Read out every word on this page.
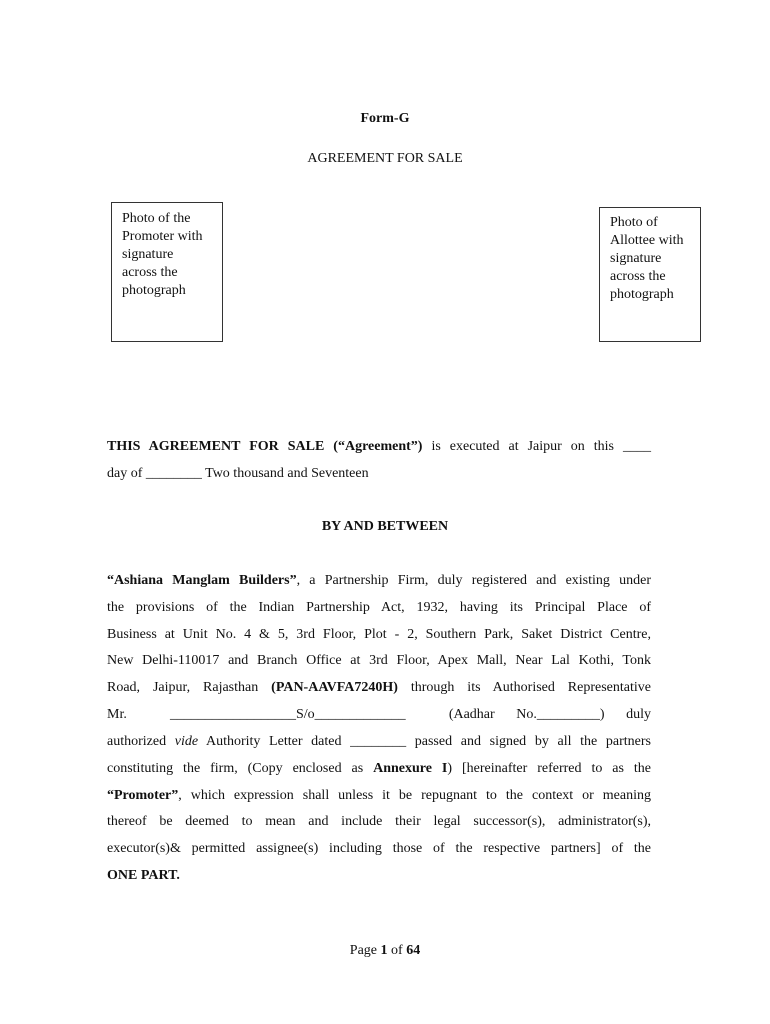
Form-G
AGREEMENT FOR SALE
Photo of the
Promoter with
signature
across the
photograph
Photo of
Allottee with
signature
across the
photograph
THIS AGREEMENT FOR SALE (“Agreement”) is executed at Jaipur on this ____
day of ________ Two thousand and Seventeen
BY AND BETWEEN
“Ashiana Manglam Builders”, a Partnership Firm, duly registered and existing under
the provisions of the Indian Partnership Act, 1932, having its Principal Place of
Business at Unit No. 4 & 5, 3rd Floor, Plot - 2, Southern Park, Saket District Centre,
New Delhi-110017 and Branch Office at 3rd Floor, Apex Mall, Near Lal Kothi, Tonk
Road, Jaipur, Rajasthan (PAN-AAVFA7240H) through its Authorised Representative
Mr.    __________________S/o_____________    (Aadhar  No._________)  duly
authorized vide Authority Letter dated ________ passed and signed by all the partners
constituting the firm, (Copy enclosed as Annexure I) [hereinafter referred to as the
“Promoter”, which expression shall unless it be repugnant to the context or meaning
thereof be deemed to mean and include their legal successor(s), administrator(s),
executor(s)& permitted assignee(s) including those of the respective partners] of the
ONE PART.
Page 1 of 64
